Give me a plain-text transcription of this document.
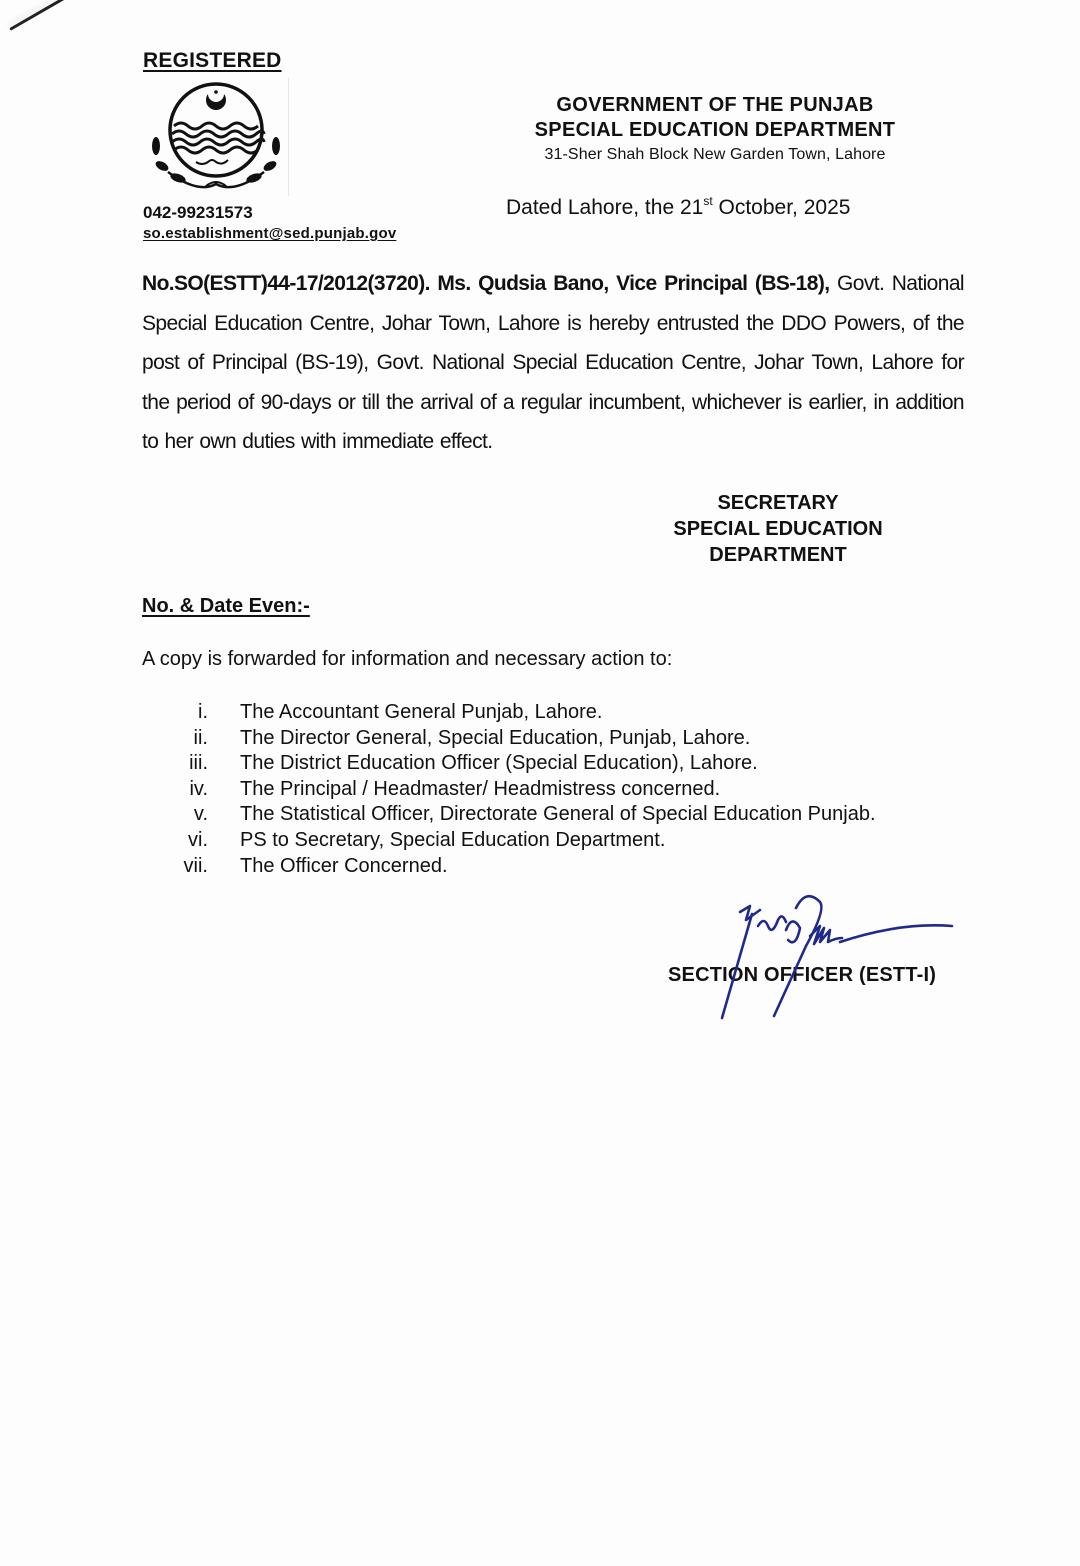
REGISTERED
042-99231573
so.establishment@sed.punjab.gov
GOVERNMENT OF THE PUNJAB
SPECIAL EDUCATION DEPARTMENT
31-Sher Shah Block New Garden Town, Lahore
Dated Lahore, the 21st October, 2025
No.SO(ESTT)44-17/2012(3720). Ms. Qudsia Bano, Vice Principal (BS-18), Govt. National Special Education Centre, Johar Town, Lahore is hereby entrusted the DDO Powers, of the post of Principal (BS-19), Govt. National Special Education Centre, Johar Town, Lahore for the period of 90-days or till the arrival of a regular incumbent, whichever is earlier, in addition to her own duties with immediate effect.
SECRETARY
SPECIAL EDUCATION
DEPARTMENT
No. & Date Even:-
A copy is forwarded for information and necessary action to:
i.	The Accountant General Punjab, Lahore.
ii.	The Director General, Special Education, Punjab, Lahore.
iii.	The District Education Officer (Special Education), Lahore.
iv.	The Principal / Headmaster/ Headmistress concerned.
v.	The Statistical Officer, Directorate General of Special Education Punjab.
vi.	PS to Secretary, Special Education Department.
vii.	The Officer Concerned.
SECTION OFFICER (ESTT-I)
